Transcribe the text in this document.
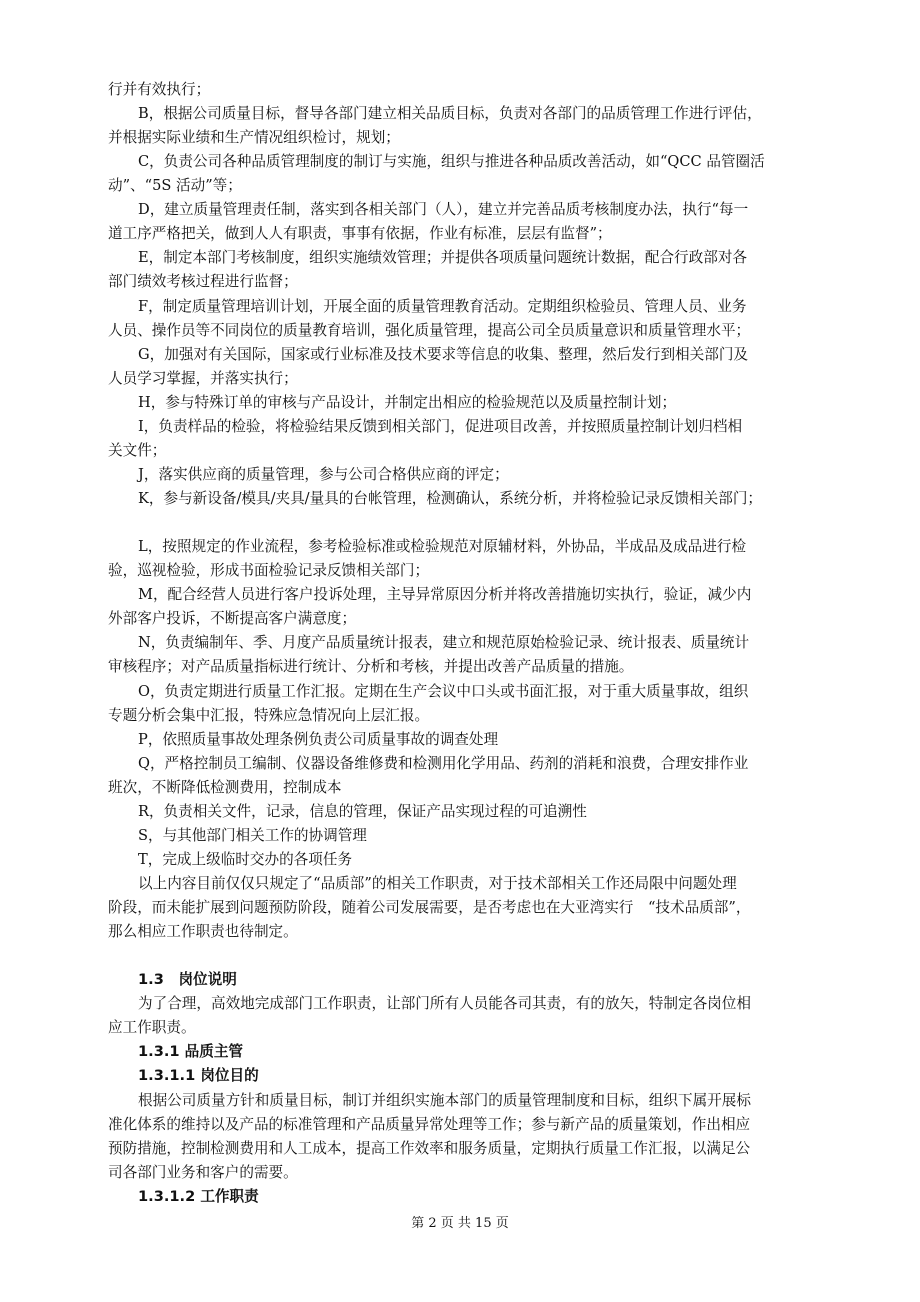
行并有效执行；
B，根据公司质量目标，督导各部门建立相关品质目标，负责对各部门的品质管理工作进行评估，
并根据实际业绩和生产情况组织检讨，规划；
C，负责公司各种品质管理制度的制订与实施，组织与推进各种品质改善活动，如“QCC 品管圈活
动”、“5S 活动”等；
D，建立质量管理责任制，落实到各相关部门（人），建立并完善品质考核制度办法，执行“每一
道工序严格把关，做到人人有职责，事事有依据，作业有标准，层层有监督”；
E，制定本部门考核制度，组织实施绩效管理；并提供各项质量问题统计数据，配合行政部对各
部门绩效考核过程进行监督；
F，制定质量管理培训计划，开展全面的质量管理教育活动。定期组织检验员、管理人员、业务
人员、操作员等不同岗位的质量教育培训，强化质量管理，提高公司全员质量意识和质量管理水平；
G，加强对有关国际，国家或行业标准及技术要求等信息的收集、整理，然后发行到相关部门及
人员学习掌握，并落实执行；
H，参与特殊订单的审核与产品设计，并制定出相应的检验规范以及质量控制计划；
I，负责样品的检验，将检验结果反馈到相关部门，促进项目改善，并按照质量控制计划归档相
关文件；
J，落实供应商的质量管理，参与公司合格供应商的评定；
K，参与新设备/模具/夹具/量具的台帐管理，检测确认，系统分析，并将检验记录反馈相关部门；
L，按照规定的作业流程，参考检验标准或检验规范对原辅材料，外协品，半成品及成品进行检
验，巡视检验，形成书面检验记录反馈相关部门；
M，配合经营人员进行客户投诉处理，主导异常原因分析并将改善措施切实执行，验证，减少内
外部客户投诉，不断提高客户满意度；
N，负责编制年、季、月度产品质量统计报表，建立和规范原始检验记录、统计报表、质量统计
审核程序；对产品质量指标进行统计、分析和考核，并提出改善产品质量的措施。
O，负责定期进行质量工作汇报。定期在生产会议中口头或书面汇报，对于重大质量事故，组织
专题分析会集中汇报，特殊应急情况向上层汇报。
P，依照质量事故处理条例负责公司质量事故的调查处理
Q，严格控制员工编制、仪器设备维修费和检测用化学用品、药剂的消耗和浪费，合理安排作业
班次，不断降低检测费用，控制成本
R，负责相关文件，记录，信息的管理，保证产品实现过程的可追溯性
S，与其他部门相关工作的协调管理
T，完成上级临时交办的各项任务
以上内容目前仅仅只规定了“品质部”的相关工作职责，对于技术部相关工作还局限中问题处理
阶段，而未能扩展到问题预防阶段，随着公司发展需要，是否考虑也在大亚湾实行　“技术品质部”，
那么相应工作职责也待制定。
1.3　岗位说明
为了合理，高效地完成部门工作职责，让部门所有人员能各司其责，有的放矢，特制定各岗位相
应工作职责。
1.3.1 品质主管
1.3.1.1 岗位目的
根据公司质量方针和质量目标，制订并组织实施本部门的质量管理制度和目标，组织下属开展标
准化体系的维持以及产品的标准管理和产品质量异常处理等工作；参与新产品的质量策划，作出相应
预防措施，控制检测费用和人工成本，提高工作效率和服务质量，定期执行质量工作汇报，以满足公
司各部门业务和客户的需要。
1.3.1.2 工作职责
第 2 页 共 15 页
